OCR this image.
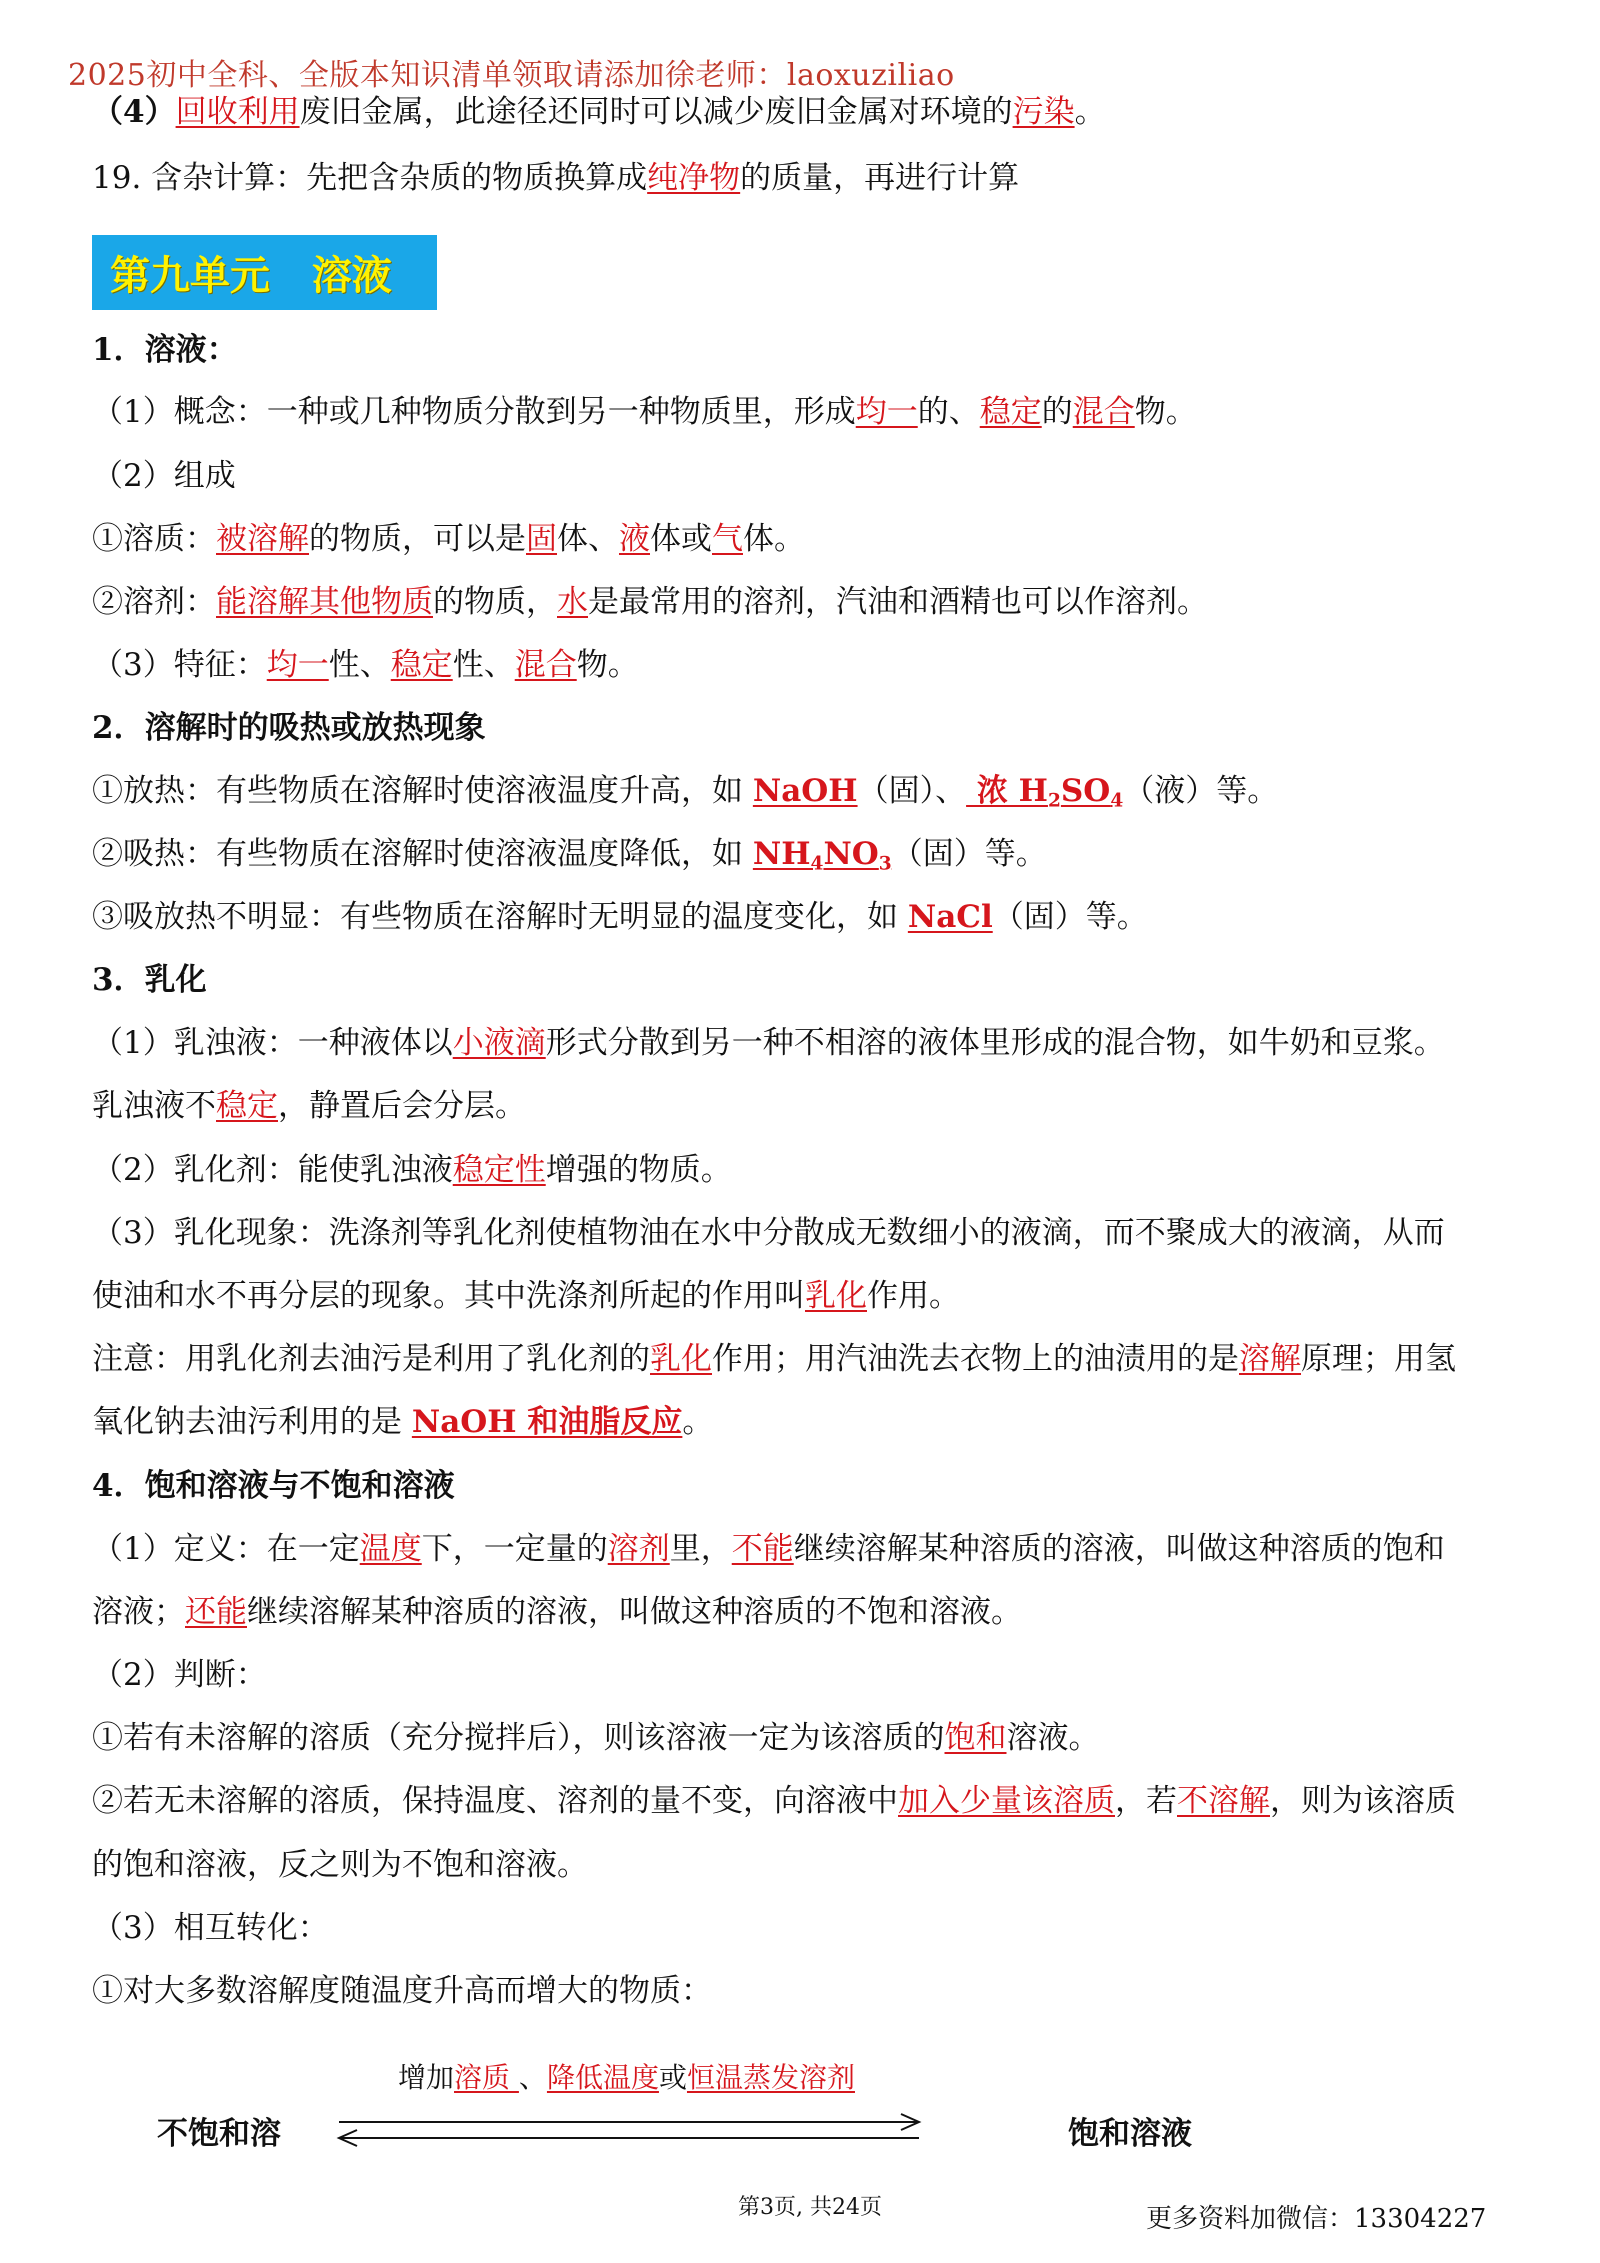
2025初中全科、全版本知识清单领取请添加徐老师：laoxuziliao
（4）回收利用废旧金属，此途径还同时可以减少废旧金属对环境的污染。
19. 含杂计算：先把含杂质的物质换算成纯净物的质量，再进行计算
第九单元   溶液
1．溶液：
（1）概念：一种或几种物质分散到另一种物质里，形成均一的、稳定的混合物。
（2）组成
①溶质：被溶解的物质，可以是固体、液体或气体。
②溶剂：能溶解其他物质的物质，水是最常用的溶剂，汽油和酒精也可以作溶剂。
（3）特征：均一性、稳定性、混合物。
2．溶解时的吸热或放热现象
①放热：有些物质在溶解时使溶液温度升高，如 NaOH（固）、 浓 $H_2SO_4$（液）等。
②吸热：有些物质在溶解时使溶液温度降低，如 $NH_4NO_3$（固）等。
③吸放热不明显：有些物质在溶解时无明显的温度变化，如 NaCl（固）等。
3．乳化
（1）乳浊液：一种液体以小液滴形式分散到另一种不相溶的液体里形成的混合物，如牛奶和豆浆。
乳浊液不稳定，静置后会分层。
（2）乳化剂：能使乳浊液稳定性增强的物质。
（3）乳化现象：洗涤剂等乳化剂使植物油在水中分散成无数细小的液滴，而不聚成大的液滴，从而
使油和水不再分层的现象。其中洗涤剂所起的作用叫乳化作用。
注意：用乳化剂去油污是利用了乳化剂的乳化作用；用汽油洗去衣物上的油渍用的是溶解原理；用氢
氧化钠去油污利用的是 NaOH 和油脂反应。
4．饱和溶液与不饱和溶液
（1）定义：在一定温度下，一定量的溶剂里，不能继续溶解某种溶质的溶液，叫做这种溶质的饱和
溶液；还能继续溶解某种溶质的溶液，叫做这种溶质的不饱和溶液。
（2）判断：
①若有未溶解的溶质（充分搅拌后），则该溶液一定为该溶质的饱和溶液。
②若无未溶解的溶质，保持温度、溶剂的量不变，向溶液中加入少量该溶质，若不溶解，则为该溶质
的饱和溶液，反之则为不饱和溶液。
（3）相互转化：
①对大多数溶解度随温度升高而增大的物质：
增加溶质 、降低温度或恒温蒸发溶剂
不饱和溶	饱和溶液
第3页, 共24页	更多资料加微信：13304227
